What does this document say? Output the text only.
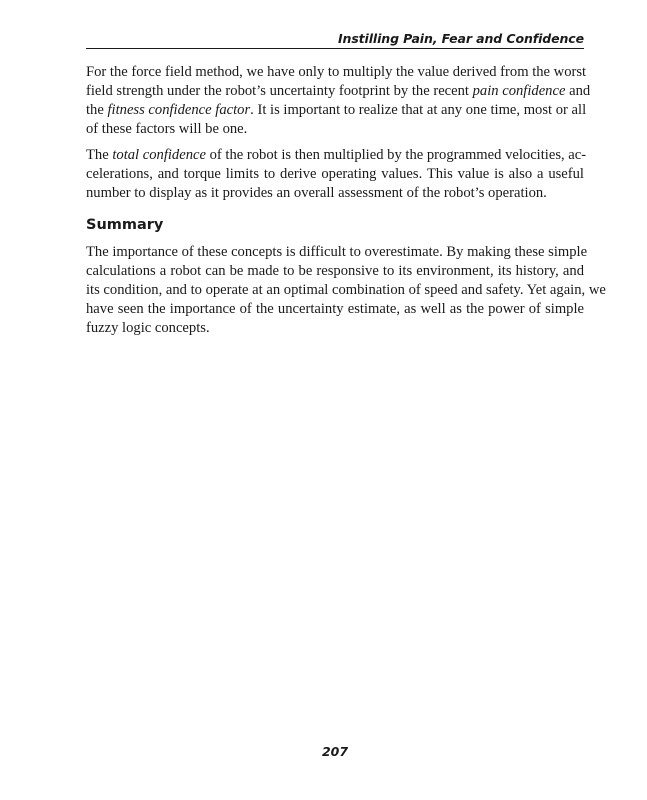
Instilling Pain, Fear and Confidence

For the force field method, we have only to multiply the value derived from the worst
field strength under the robot’s uncertainty footprint by the recent pain confidence and
the fitness confidence factor. It is important to realize that at any one time, most or all
of these factors will be one.

The total confidence of the robot is then multiplied by the programmed velocities, ac-
celerations, and torque limits to derive operating values. This value is also a useful
number to display as it provides an overall assessment of the robot’s operation.

Summary

The importance of these concepts is difficult to overestimate. By making these simple
calculations a robot can be made to be responsive to its environment, its history, and
its condition, and to operate at an optimal combination of speed and safety. Yet again, we
have seen the importance of the uncertainty estimate, as well as the power of simple
fuzzy logic concepts.

207
